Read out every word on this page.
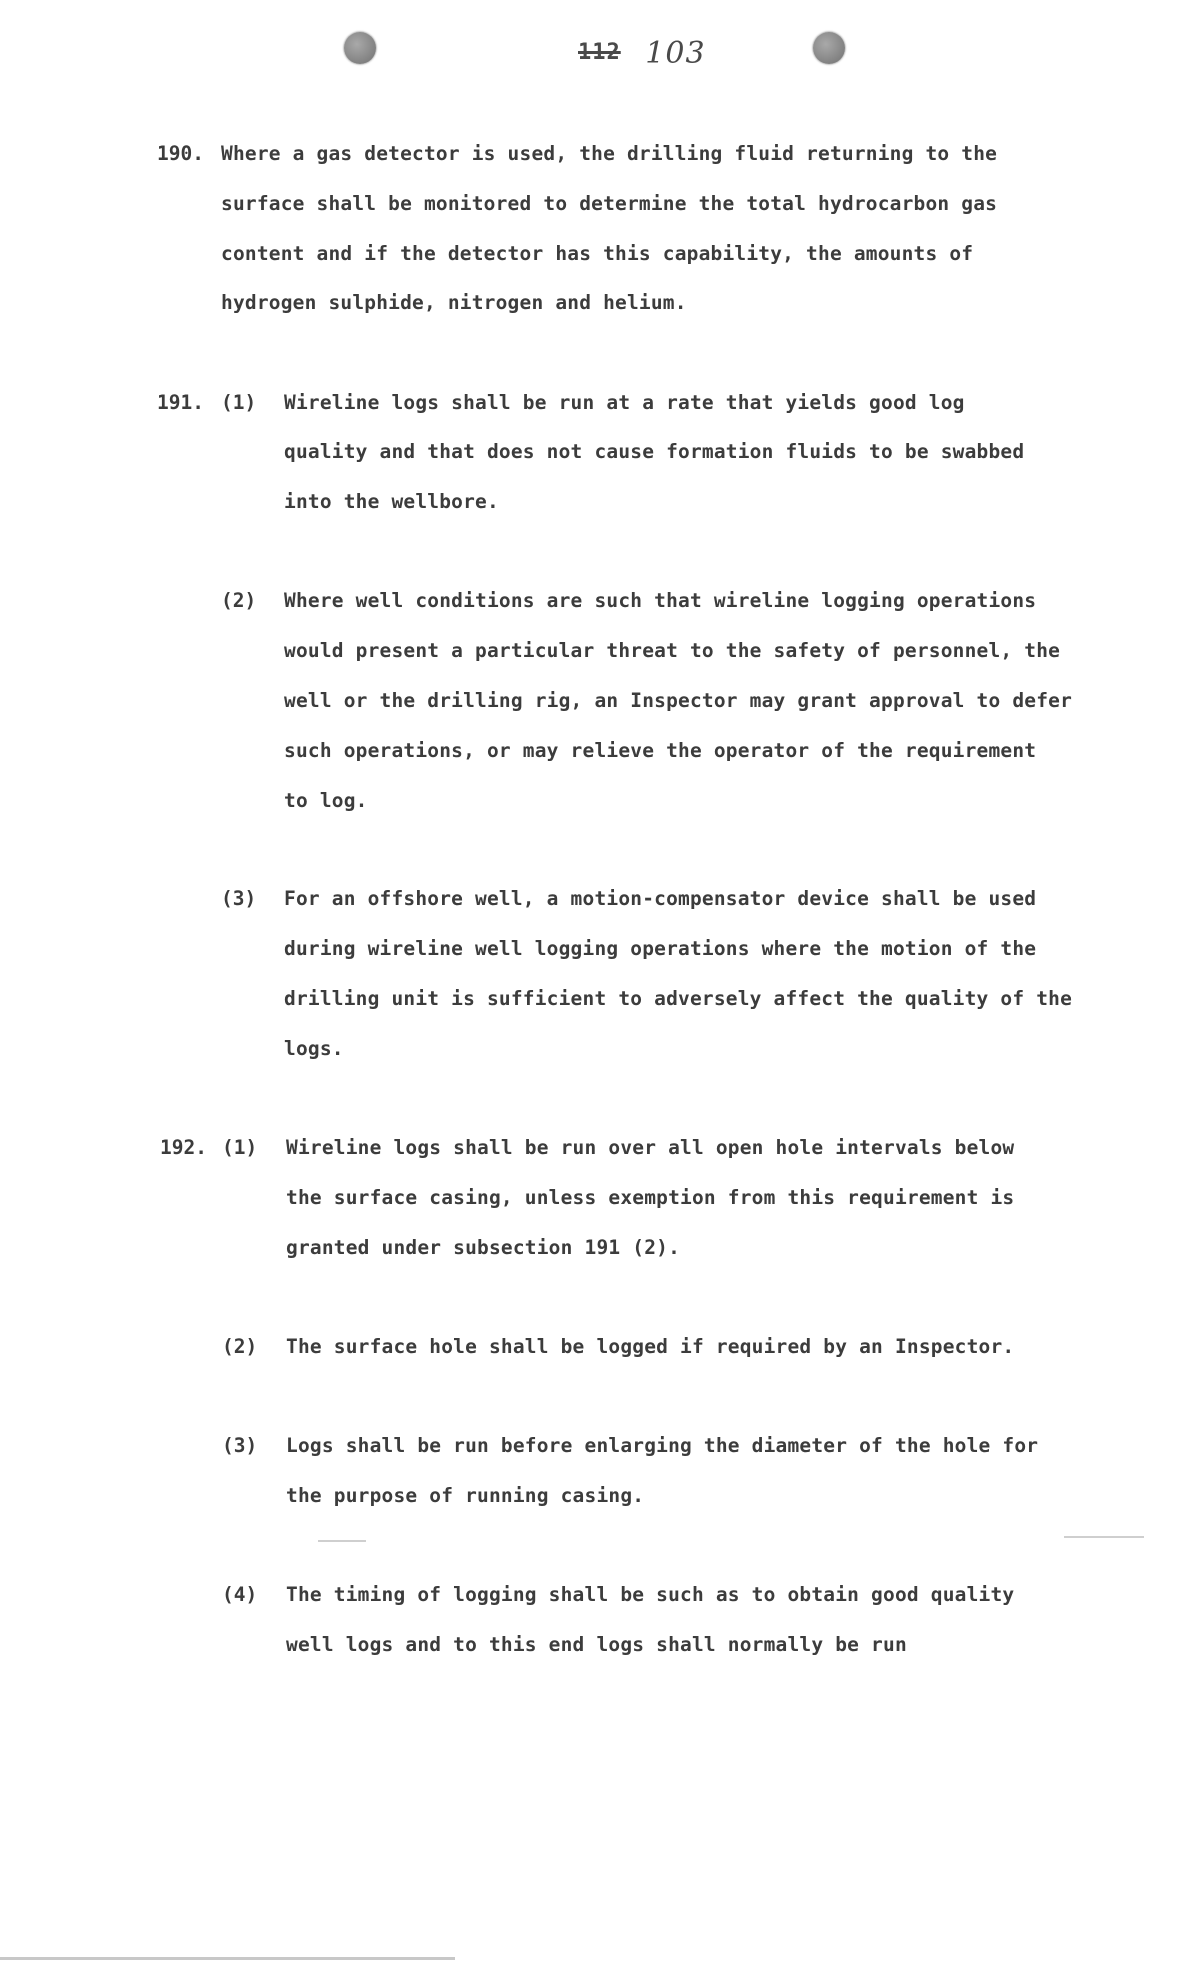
112 103
190. Where a gas detector is used, the drilling fluid returning to the
surface shall be monitored to determine the total hydrocarbon gas
content and if the detector has this capability, the amounts of
hydrogen sulphide, nitrogen and helium.
191. (1) Wireline logs shall be run at a rate that yields good log
quality and that does not cause formation fluids to be swabbed
into the wellbore.
(2) Where well conditions are such that wireline logging operations
would present a particular threat to the safety of personnel, the
well or the drilling rig, an Inspector may grant approval to defer
such operations, or may relieve the operator of the requirement
to log.
(3) For an offshore well, a motion-compensator device shall be used
during wireline well logging operations where the motion of the
drilling unit is sufficient to adversely affect the quality of the
logs.
192. (1) Wireline logs shall be run over all open hole intervals below
the surface casing, unless exemption from this requirement is
granted under subsection 191 (2).
(2) The surface hole shall be logged if required by an Inspector.
(3) Logs shall be run before enlarging the diameter of the hole for
the purpose of running casing.
(4) The timing of logging shall be such as to obtain good quality
well logs and to this end logs shall normally be run
